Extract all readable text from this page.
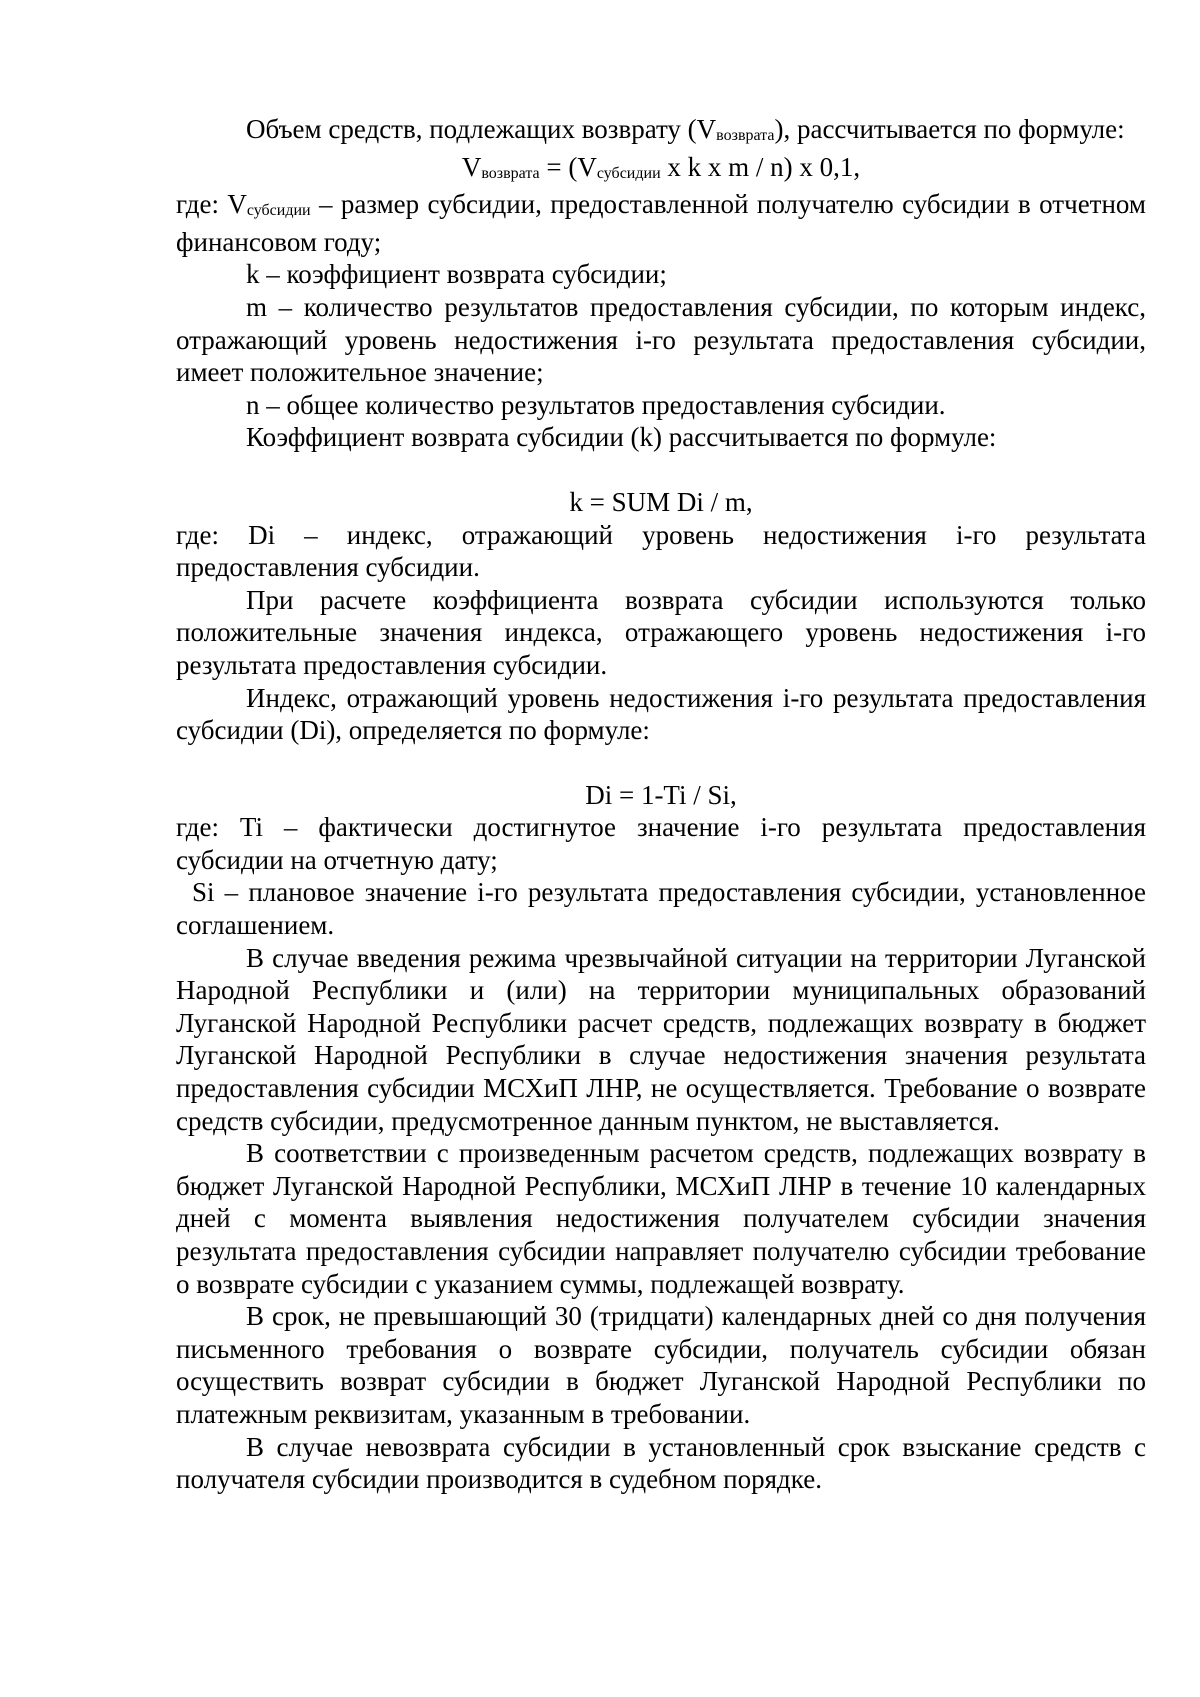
Объем средств, подлежащих возврату $(V_{возврата})$, рассчитывается по формуле:

$V_{возврата} = (V_{субсидии}$ х k х m / n) х 0,1,

где: $V_{субсидии}$ – размер субсидии, предоставленной получателю субсидии в отчетном финансовом году;

k – коэффициент возврата субсидии;

m – количество результатов предоставления субсидии, по которым индекс, отражающий уровень недостижения i-го результата предоставления субсидии, имеет положительное значение;

n – общее количество результатов предоставления субсидии.

Коэффициент возврата субсидии (k) рассчитывается по формуле:

k = SUM Di / m,

где: Di – индекс, отражающий уровень недостижения i-го результата предоставления субсидии.

При расчете коэффициента возврата субсидии используются только положительные значения индекса, отражающего уровень недостижения i-го результата предоставления субсидии.

Индекс, отражающий уровень недостижения i-го результата предоставления субсидии (Di), определяется по формуле:

Di = 1-Ti / Si,

где: Ti – фактически достигнутое значение i-го результата предоставления субсидии на отчетную дату;

Si – плановое значение i-го результата предоставления субсидии, установленное соглашением.

В случае введения режима чрезвычайной ситуации на территории Луганской Народной Республики и (или) на территории муниципальных образований Луганской Народной Республики расчет средств, подлежащих возврату в бюджет Луганской Народной Республики в случае недостижения значения результата предоставления субсидии МСХиП ЛНР, не осуществляется. Требование о возврате средств субсидии, предусмотренное данным пунктом, не выставляется.

В соответствии с произведенным расчетом средств, подлежащих возврату в бюджет Луганской Народной Республики, МСХиП ЛНР в течение 10 календарных дней с момента выявления недостижения получателем субсидии значения результата предоставления субсидии направляет получателю субсидии требование о возврате субсидии с указанием суммы, подлежащей возврату.

В срок, не превышающий 30 (тридцати) календарных дней со дня получения письменного требования о возврате субсидии, получатель субсидии обязан осуществить возврат субсидии в бюджет Луганской Народной Республики по платежным реквизитам, указанным в требовании.

В случае невозврата субсидии в установленный срок взыскание средств с получателя субсидии производится в судебном порядке.
